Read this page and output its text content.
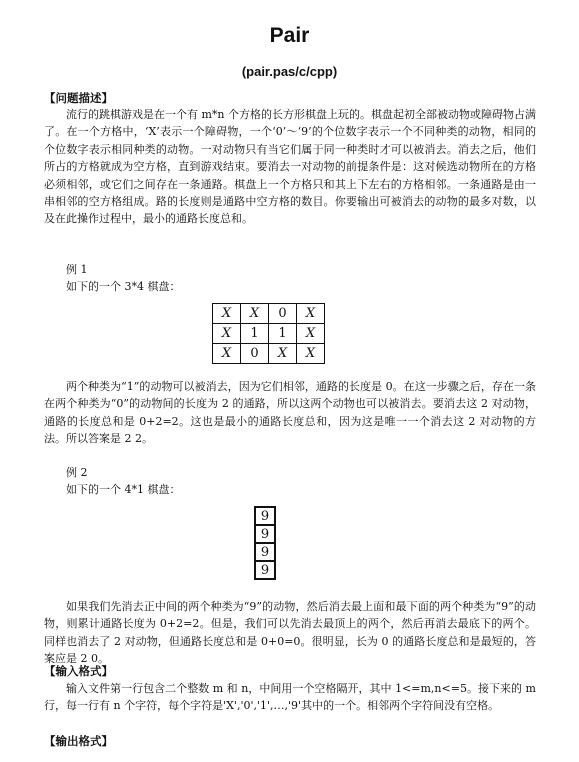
Pair
(pair.pas/c/cpp)
【问题描述】
流行的跳棋游戏是在一个有 m*n 个方格的长方形棋盘上玩的。棋盘起初全部被动物或障碍物占满了。在一个方格中，‘X’表示一个障碍物，一个‘0’～‘9’的个位数字表示一个不同种类的动物，相同的个位数字表示相同种类的动物。一对动物只有当它们属于同一种类时才可以被消去。消去之后，他们所占的方格就成为空方格，直到游戏结束。要消去一对动物的前提条件是：这对候选动物所在的方格必须相邻，或它们之间存在一条通路。棋盘上一个方格只和其上下左右的方格相邻。一条通路是由一串相邻的空方格组成。路的长度则是通路中空方格的数目。你要输出可被消去的动物的最多对数，以及在此操作过程中，最小的通路长度总和。
例 1
如下的一个 3*4 棋盘：
X	X	0	X
X	1	1	X
X	0	X	X
两个种类为“1”的动物可以被消去，因为它们相邻，通路的长度是 0。在这一步骤之后，存在一条在两个种类为“0”的动物间的长度为 2 的通路，所以这两个动物也可以被消去。要消去这 2 对动物，通路的长度总和是 0+2=2。这也是最小的通路长度总和，因为这是唯一一个消去这 2 对动物的方法。所以答案是 2 2。
例 2
如下的一个 4*1 棋盘：
9
9
9
9
如果我们先消去正中间的两个种类为“9”的动物，然后消去最上面和最下面的两个种类为“9”的动物，则累计通路长度为 0+2=2。但是，我们可以先消去最顶上的两个，然后再消去最底下的两个。同样也消去了 2 对动物，但通路长度总和是 0+0=0。很明显，长为 0 的通路长度总和是最短的，答案应是 2 0。
【输入格式】
输入文件第一行包含二个整数 m 和 n，中间用一个空格隔开，其中 1<=m,n<=5。接下来的 m 行，每一行有 n 个字符，每个字符是'X','0','1',…,'9'其中的一个。相邻两个字符间没有空格。
【输出格式】
